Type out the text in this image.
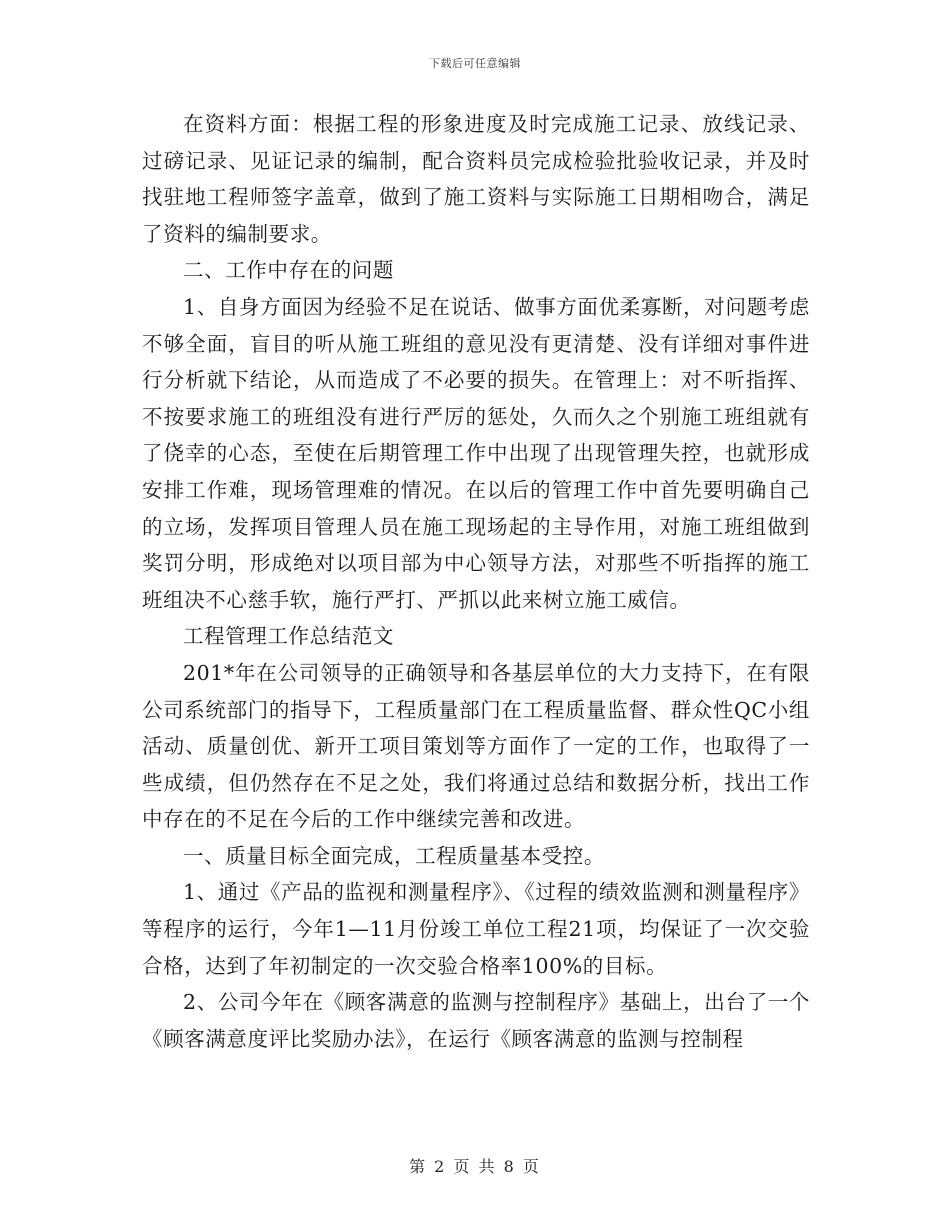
下载后可任意编辑

在资料方面：根据工程的形象进度及时完成施工记录、放线记录、过磅记录、见证记录的编制，配合资料员完成检验批验收记录，并及时找驻地工程师签字盖章，做到了施工资料与实际施工日期相吻合，满足了资料的编制要求。

二、工作中存在的问题

1、自身方面因为经验不足在说话、做事方面优柔寡断，对问题考虑不够全面，盲目的听从施工班组的意见没有更清楚、没有详细对事件进行分析就下结论，从而造成了不必要的损失。在管理上：对不听指挥、不按要求施工的班组没有进行严厉的惩处，久而久之个别施工班组就有了侥幸的心态，至使在后期管理工作中出现了出现管理失控，也就形成安排工作难，现场管理难的情况。在以后的管理工作中首先要明确自己的立场，发挥项目管理人员在施工现场起的主导作用，对施工班组做到奖罚分明，形成绝对以项目部为中心领导方法，对那些不听指挥的施工班组决不心慈手软，施行严打、严抓以此来树立施工威信。

工程管理工作总结范文

201*年在公司领导的正确领导和各基层单位的大力支持下，在有限公司系统部门的指导下，工程质量部门在工程质量监督、群众性QC小组活动、质量创优、新开工项目策划等方面作了一定的工作，也取得了一些成绩，但仍然存在不足之处，我们将通过总结和数据分析，找出工作中存在的不足在今后的工作中继续完善和改进。

一、质量目标全面完成，工程质量基本受控。

1、通过《产品的监视和测量程序》、《过程的绩效监测和测量程序》等程序的运行，今年1—11月份竣工单位工程21项，均保证了一次交验合格，达到了年初制定的一次交验合格率100%的目标。

2、公司今年在《顾客满意的监测与控制程序》基础上，出台了一个《顾客满意度评比奖励办法》，在运行《顾客满意的监测与控制程

第 2 页 共 8 页
